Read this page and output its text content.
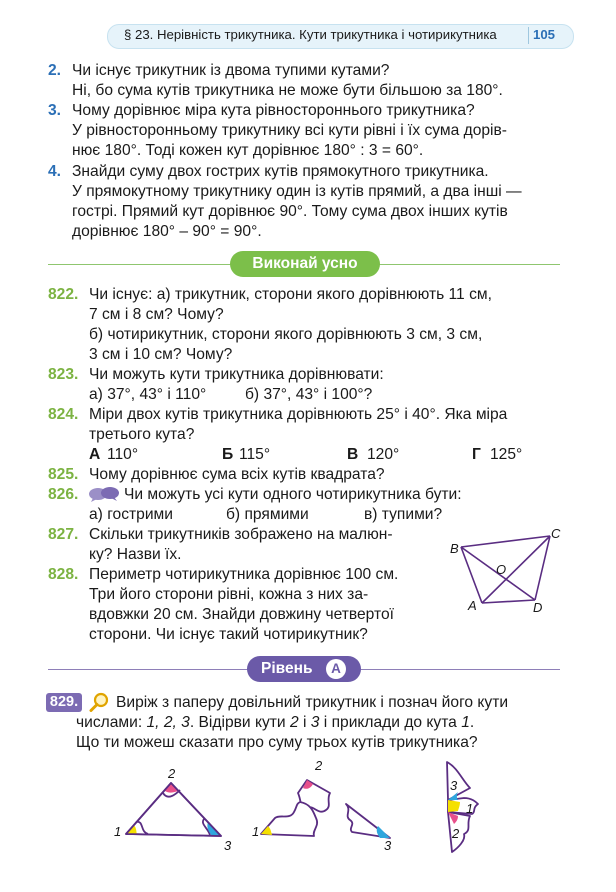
§ 23. Нерівність трикутника. Кути трикутника і чотирикутника	105
2. Чи існує трикутник із двома тупими кутами?
Ні, бо сума кутів трикутника не може бути більшою за 180°.
3. Чому дорівнює міра кута рівностороннього трикутника?
У рівносторонньому трикутнику всі кути рівні і їх сума дорів-
нює 180°. Тоді кожен кут дорівнює 180° : 3 = 60°.
4. Знайди суму двох гострих кутів прямокутного трикутника.
У прямокутному трикутнику один із кутів прямий, а два інші —
гострі. Прямий кут дорівнює 90°. Тому сума двох інших кутів
дорівнює 180° – 90° = 90°.
Виконай усно
822. Чи існує: а) трикутник, сторони якого дорівнюють 11 см,
7 см і 8 см? Чому?
б) чотирикутник, сторони якого дорівнюють 3 см, 3 см,
3 см і 10 см? Чому?
823. Чи можуть кути трикутника дорівнювати:
а) 37°, 43° і 110° б) 37°, 43° і 100°?
824. Міри двох кутів трикутника дорівнюють 25° і 40°. Яка міра
третього кута?
А 110°	Б 115°	В 120°	Г 125°
825. Чому дорівнює сума всіх кутів квадрата?
826.	Чи можуть усі кути одного чотирикутника бути:
а) гострими	б) прямими	в) тупими?
827. Скільки трикутників зображено на малюн-
ку? Назви їх.
828. Периметр чотирикутника дорівнює 100 см.
Три його сторони рівні, кожна з них за-
вдовжки 20 см. Знайди довжину четвертої
сторони. Чи існує такий чотирикутник?
B
C
O
A	D
Рівень	A
829. Виріж з паперу довільний трикутник і познач його кути
числами: 1, 2, 3. Відірви кути 2 і 3 і приклади до кута 1.
Що ти можеш сказати про суму трьох кутів трикутника?
2
1
3
2
1
3
3
1
2
